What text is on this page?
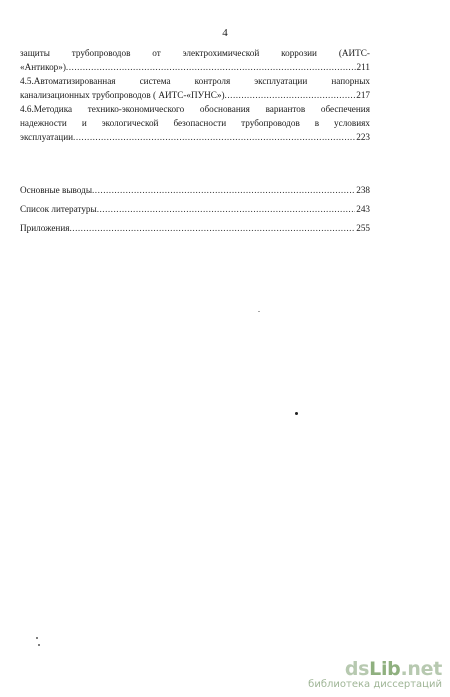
4
защиты трубопроводов от электрохимической коррозии (АИТС-
«Антикор») .....	211
4.5.Автоматизированная	система	контроля	эксплуатации	напорных
канализационных трубопроводов ( АИТС-«ПУНС») .....	217
4.6.Методика технико-экономического обоснования вариантов обеспечения
надежности и экологической безопасности трубопроводов в условиях
эксплуатации .....	223
Основные выводы .....	238
Список литературы .....	243
Приложения .....	255
dsLib.net
библиотека диссертаций
